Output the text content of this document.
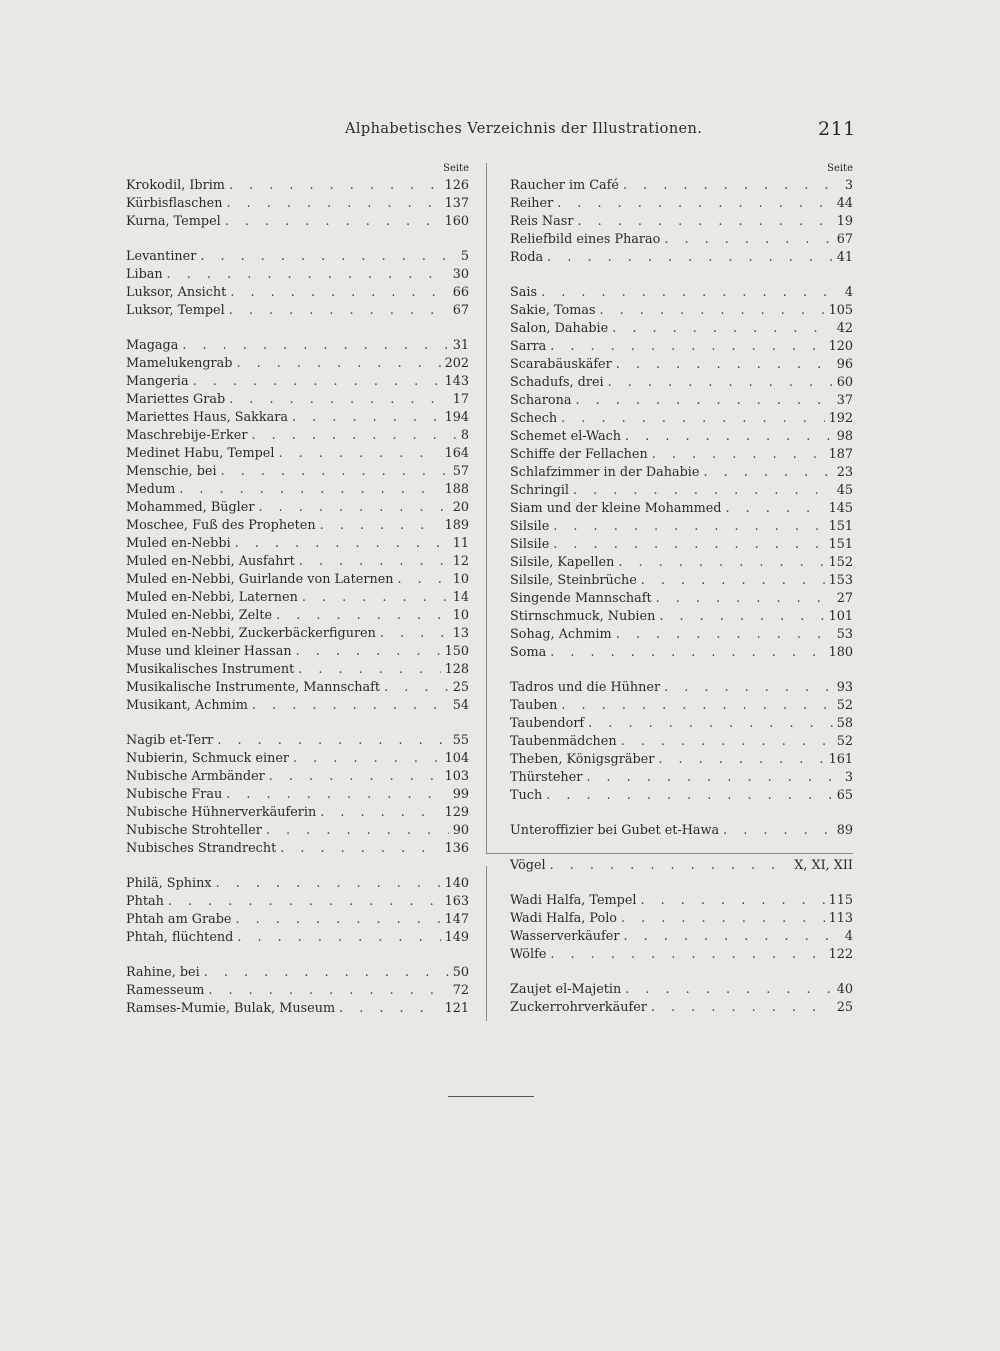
Alphabetisches Verzeichnis der Illustrationen.	211
Seite
Krokodil, Ibrim . . .	126
Kürbisflaschen . . .	137
Kurna, Tempel . . .	160
Levantiner . . .	5
Liban . . .	30
Luksor, Ansicht . . .	66
Luksor, Tempel . . .	67
Magaga . . .	31
Mamelukengrab . . .	202
Mangeria . . .	143
Mariettes Grab . . .	17
Mariettes Haus, Sakkara . . .	194
Maschrebije-Erker . . .	8
Medinet Habu, Tempel . . .	164
Menschie, bei . . .	57
Medum . . .	188
Mohammed, Bügler . . .	20
Moschee, Fuß des Propheten . . .	189
Muled en-Nebbi . . .	11
Muled en-Nebbi, Ausfahrt . . .	12
Muled en-Nebbi, Guirlande von Laternen . . .	10
Muled en-Nebbi, Laternen . . .	14
Muled en-Nebbi, Zelte . . .	10
Muled en-Nebbi, Zuckerbäckerfiguren . . .	13
Muse und kleiner Hassan . . .	150
Musikalisches Instrument . . .	128
Musikalische Instrumente, Mannschaft . . .	25
Musikant, Achmim . . .	54
Nagib et-Terr . . .	55
Nubierin, Schmuck einer . . .	104
Nubische Armbänder . . .	103
Nubische Frau . . .	99
Nubische Hühnerverkäuferin . . .	129
Nubische Strohteller . . .	90
Nubisches Strandrecht . . .	136
Philä, Sphinx . . .	140
Phtah . . .	163
Phtah am Grabe . . .	147
Phtah, flüchtend . . .	149
Rahine, bei . . .	50
Ramesseum . . .	72
Ramses-Mumie, Bulak, Museum . . .	121
Seite
Raucher im Café . . .	3
Reiher . . .	44
Reis Nasr . . .	19
Reliefbild eines Pharao . . .	67
Roda . . .	41
Sais . . .	4
Sakie, Tomas . . .	105
Salon, Dahabie . . .	42
Sarra . . .	120
Scarabäuskäfer . . .	96
Schadufs, drei . . .	60
Scharona . . .	37
Schech . . .	192
Schemet el-Wach . . .	98
Schiffe der Fellachen . . .	187
Schlafzimmer in der Dahabie . . .	23
Schringil . . .	45
Siam und der kleine Mohammed . . .	145
Silsile . . .	151
Silsile . . .	151
Silsile, Kapellen . . .	152
Silsile, Steinbrüche . . .	153
Singende Mannschaft . . .	27
Stirnschmuck, Nubien . . .	101
Sohag, Achmim . . .	53
Soma . . .	180
Tadros und die Hühner . . .	93
Tauben . . .	52
Taubendorf . . .	58
Taubenmädchen . . .	52
Theben, Königsgräber . . .	161
Thürsteher . . .	3
Tuch . . .	65
Unteroffizier bei Gubet et-Hawa . . .	89
Vögel . . .	X, XI, XII
Wadi Halfa, Tempel . . .	115
Wadi Halfa, Polo . . .	113
Wasserverkäufer . . .	4
Wölfe . . .	122
Zaujet el-Majetin . . .	40
Zuckerrohrverkäufer . . .	25
